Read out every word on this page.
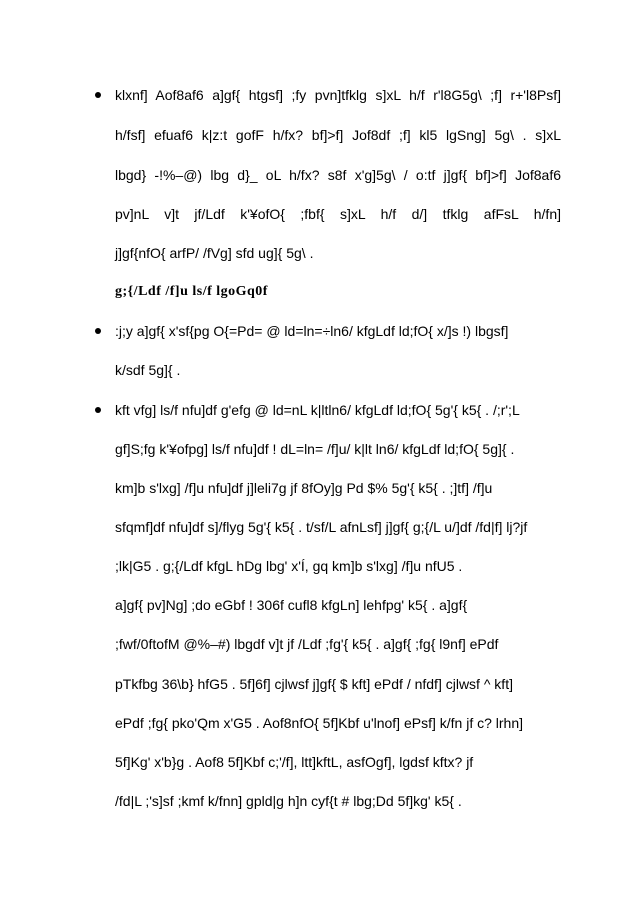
klxnf] Aof8af6 a]gf{ htgsf] ;fy pvn]tfklg s]xL h/f r'l8G5g\ ;f] r+'l8Psf]
h/fsf] efuaf6 k|z:t gofF h/fx? bf]>f] Jof8df ;f] kl5 lgSng] 5g\ . s]xL
lbgd} -!%–@) lbg d}_ oL h/fx? s8f x'g]5g\ / o:tf j]gf{ bf]>f] Jof8af6
pv]nL v]t jf/Ldf k'¥ofO{ ;fbf{ s]xL h/f d/] tfklg afFsL h/fn]
j]gf{nfO{ arfP/ /fVg] sfd ug]{ 5g\ .
g;{/Ldf /f]u ls/f lgoGq0f
:j;y a]gf{ x'sf{pg O{=Pd= @ ld=ln=÷ln6/ kfgLdf ld;fO{ x/]s !) lbgsf]
k/sdf 5g]{ .
kft vfg] ls/f nfu]df g'efg @ ld=nL k|ltln6/ kfgLdf ld;fO{ 5g'{ k5{ . /;r';L
gf]S;fg k'¥ofpg] ls/f nfu]df ! dL=ln= /f]u/ k|lt ln6/ kfgLdf ld;fO{ 5g]{ .
km]b s'lxg] /f]u nfu]df j]leli7g jf 8fOy]g Pd $% 5g'{ k5{ . ;]tf] /f]u
sfqmf]df nfu]df s]/flyg 5g'{ k5{ . t/sf/L afnLsf] j]gf{ g;{/L u/]df /fd|f] lj?jf
;lk|G5 . g;{/Ldf kfgL hDg lbg' x'Í, gq km]b s'lxg] /f]u nfU5 .
a]gf{ pv]Ng] ;do eGbf ! 306f cufl8 kfgLn] lehfpg' k5{ . a]gf{
;fwf/0ftofM @%–#) lbgdf v]t jf /Ldf ;fg'{ k5{ . a]gf{ ;fg{ l9nf] ePdf
pTkfbg 36\b} hfG5 . 5f]6f] cjlwsf j]gf{ $ kft] ePdf / nfdf] cjlwsf ^ kft]
ePdf ;fg{ pko'Qm x'G5 . Aof8nfO{ 5f]Kbf u'lnof] ePsf] k/fn jf c? lrhn]
5f]Kg' x'b}g . Aof8 5f]Kbf c;'/f], ltt]kftL, asfOgf], lgdsf kftx? jf
/fd|L ;'s]sf ;kmf k/fnn] gpld|g h]n cyf{t # lbg;Dd 5f]kg' k5{ .
